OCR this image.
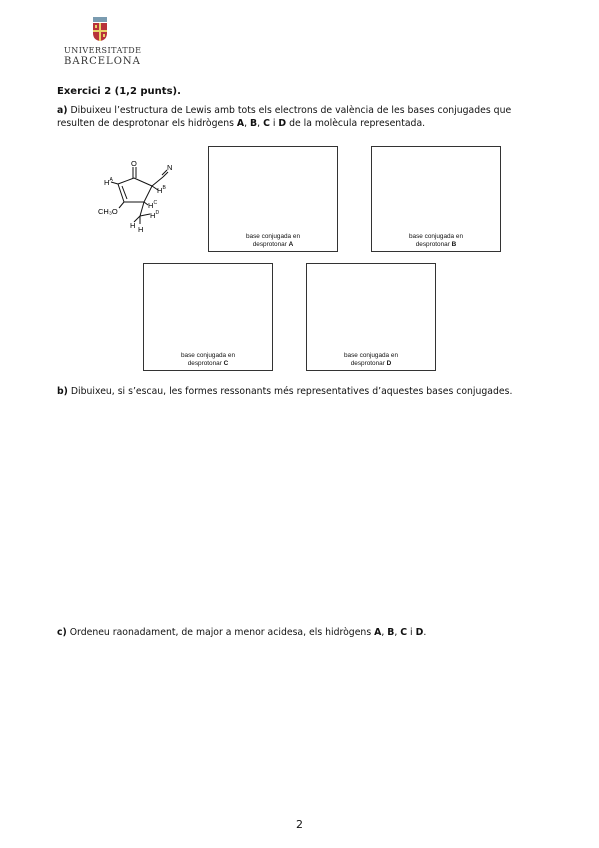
UNIVERSITATDE
BARCELONA
Exercici 2 (1,2 punts).
a) Dibuixeu l’estructura de Lewis amb tots els electrons de valència de les bases conjugades que resulten de desprotonar els hidrògens A, B, C i D de la molècula representada.
O	N
H A
H B
H C
H D
H H
CH₃O
base conjugada en
desprotonar A
base conjugada en
desprotonar B
base conjugada en
desprotonar C
base conjugada en
desprotonar D
b) Dibuixeu, si s’escau, les formes ressonants més representatives d’aquestes bases conjugades.
c) Ordeneu raonadament, de major a menor acidesa, els hidrògens A, B, C i D.
2
